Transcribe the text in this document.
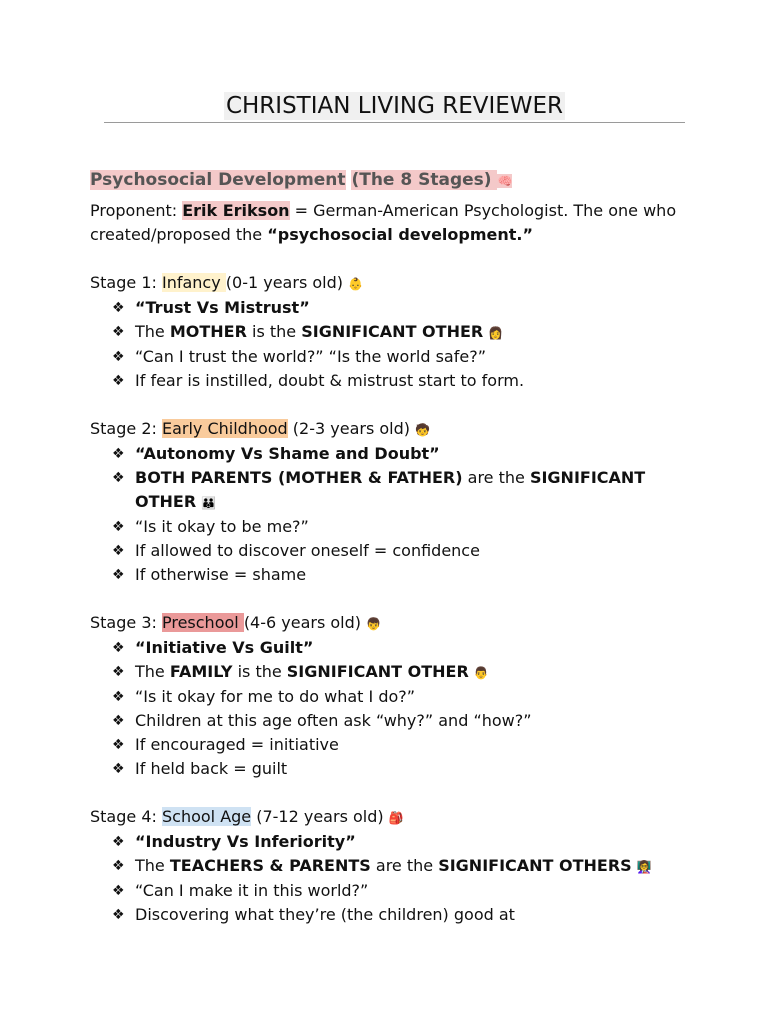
CHRISTIAN LIVING REVIEWER

Psychosocial Development (The 8 Stages) 🧠

Proponent: Erik Erikson = German-American Psychologist. The one who created/proposed the “psychosocial development.”

Stage 1: Infancy (0-1 years old) 👶

❖ “Trust Vs Mistrust”
❖ The MOTHER is the SIGNIFICANT OTHER 👩
❖ “Can I trust the world?” “Is the world safe?”
❖ If fear is instilled, doubt & mistrust start to form.

Stage 2: Early Childhood (2-3 years old) 🧒

❖ “Autonomy Vs Shame and Doubt”
❖ BOTH PARENTS (MOTHER & FATHER) are the SIGNIFICANT OTHER 👪
❖ “Is it okay to be me?”
❖ If allowed to discover oneself = confidence
❖ If otherwise = shame

Stage 3: Preschool (4-6 years old) 👦

❖ “Initiative Vs Guilt”
❖ The FAMILY is the SIGNIFICANT OTHER 👨
❖ “Is it okay for me to do what I do?”
❖ Children at this age often ask “why?” and “how?”
❖ If encouraged = initiative
❖ If held back = guilt

Stage 4: School Age (7-12 years old) 🎒

❖ “Industry Vs Inferiority”
❖ The TEACHERS & PARENTS are the SIGNIFICANT OTHERS 👩‍🏫
❖ “Can I make it in this world?”
❖ Discovering what they’re (the children) good at
